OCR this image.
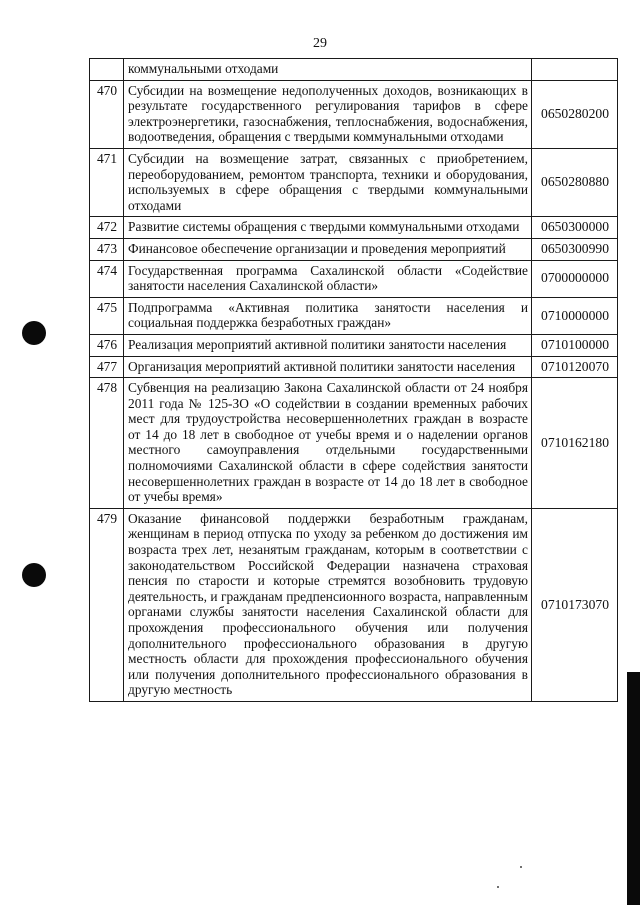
29
	коммунальными отходами	
470	Субсидии на возмещение недополученных доходов, возникающих в результате государственного регулирования тарифов в сфере электроэнергетики, газоснабжения, теплоснабжения, водоснабжения, водоотведения, обращения с твердыми коммунальными отходами	0650280200
471	Субсидии на возмещение затрат, связанных с приобретением, переоборудованием, ремонтом транспорта, техники и оборудования, используемых в сфере обращения с твердыми коммунальными отходами	0650280880
472	Развитие системы обращения с твердыми коммунальными отходами	0650300000
473	Финансовое обеспечение организации и проведения мероприятий	0650300990
474	Государственная программа Сахалинской области «Содействие занятости населения Сахалинской области»	0700000000
475	Подпрограмма «Активная политика занятости населения и социальная поддержка безработных граждан»	0710000000
476	Реализация мероприятий активной политики занятости населения	0710100000
477	Организация мероприятий активной политики занятости населения	0710120070
478	Субвенция на реализацию Закона Сахалинской области от 24 ноября 2011 года № 125-ЗО «О содействии в создании временных рабочих мест для трудоустройства несовершеннолетних граждан в возрасте от 14 до 18 лет в свободное от учебы время и о наделении органов местного самоуправления отдельными государственными полномочиями Сахалинской области в сфере содействия занятости несовершеннолетних граждан в возрасте от 14 до 18 лет в свободное от учебы время»	0710162180
479	Оказание финансовой поддержки безработным гражданам, женщинам в период отпуска по уходу за ребенком до достижения им возраста трех лет, незанятым гражданам, которым в соответствии с законодательством Российской Федерации назначена страховая пенсия по старости и которые стремятся возобновить трудовую деятельность, и гражданам предпенсионного возраста, направленным органами службы занятости населения Сахалинской области для прохождения профессионального обучения или получения дополнительного профессионального образования в другую местность области для прохождения профессионального обучения или получения дополнительного профессионального образования в другую местность	0710173070
